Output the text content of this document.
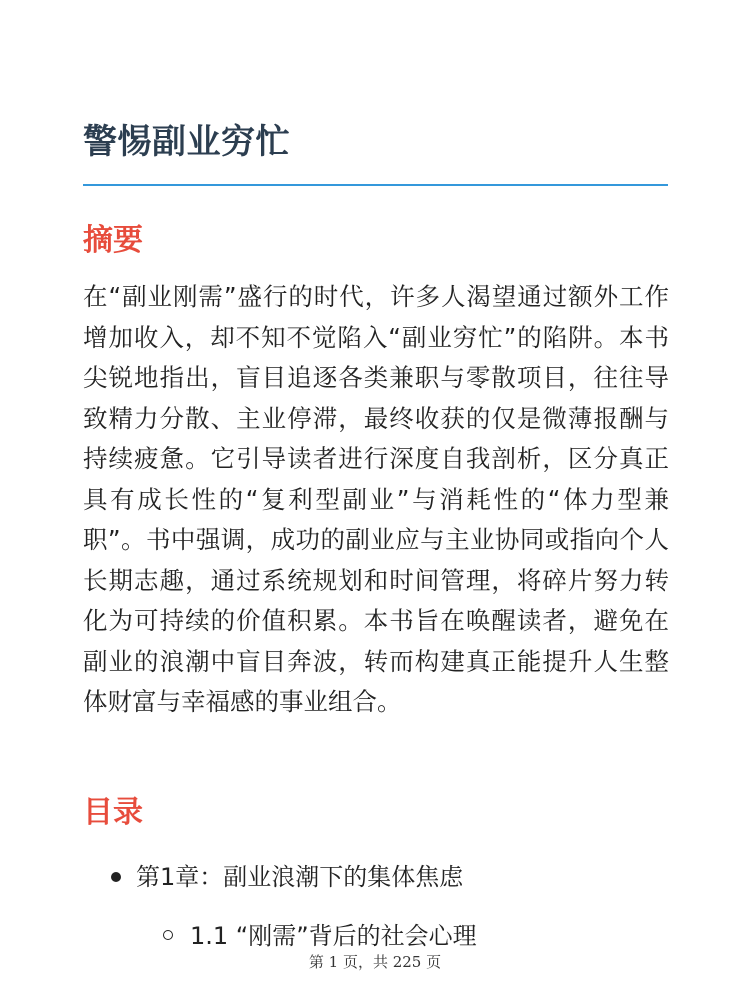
警惕副业穷忙
摘要

在“副业刚需”盛行的时代，许多人渴望通过额外工作增加收入，却不知不觉陷入“副业穷忙”的陷阱。本书尖锐地指出，盲目追逐各类兼职与零散项目，往往导致精力分散、主业停滞，最终收获的仅是微薄报酬与持续疲惫。它引导读者进行深度自我剖析，区分真正具有成长性的“复利型副业”与消耗性的“体力型兼职”。书中强调，成功的副业应与主业协同或指向个人长期志趣，通过系统规划和时间管理，将碎片努力转化为可持续的价值积累。本书旨在唤醒读者，避免在副业的浪潮中盲目奔波，转而构建真正能提升人生整体财富与幸福感的事业组合。

目录
第1章：副业浪潮下的集体焦虑
1.1 “刚需”背后的社会心理
第 1 页，共 225 页
